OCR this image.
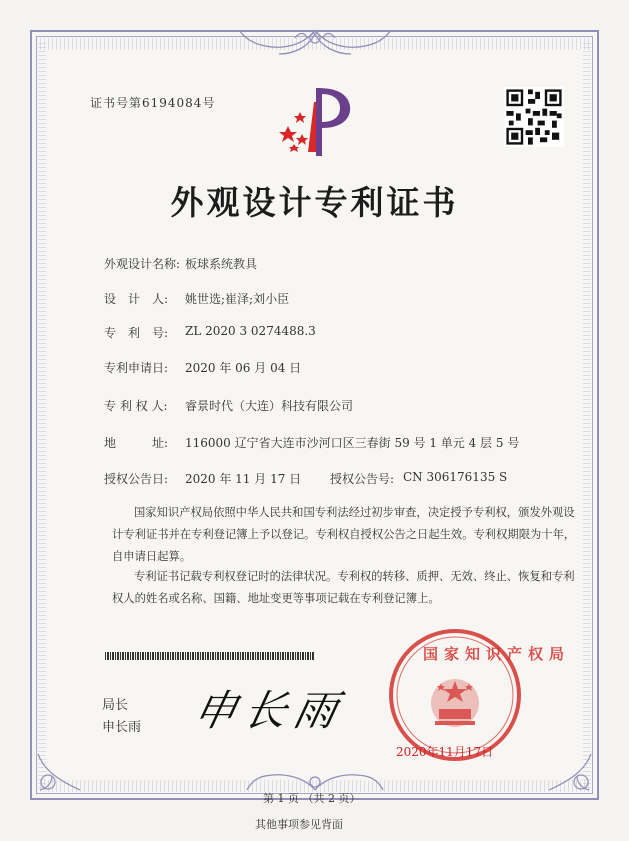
证书号第6194084号
外观设计专利证书
外观设计名称: 板球系统教具
设　计　人: 姚世选;崔泽;刘小臣
专　利　号: ZL 2020 3 0274488.3
专利申请日: 2020 年 06 月 04 日
专 利 权 人: 睿景时代（大连）科技有限公司
地　　　址: 116000 辽宁省大连市沙河口区三春街 59 号 1 单元 4 层 5 号
授权公告日: 2020 年 11 月 17 日 授权公告号: CN 306176135 S
国家知识产权局依照中华人民共和国专利法经过初步审查，决定授予专利权，颁发外观设计专利证书并在专利登记簿上予以登记。专利权自授权公告之日起生效。专利权期限为十年，自申请日起算。
专利证书记载专利权登记时的法律状况。专利权的转移、质押、无效、终止、恢复和专利权人的姓名或名称、国籍、地址变更等事项记载在专利登记簿上。
局长
申长雨 申长雨
国家知识产权局
2020年11月17日
第 1 页 （共 2 页）
其他事项参见背面
